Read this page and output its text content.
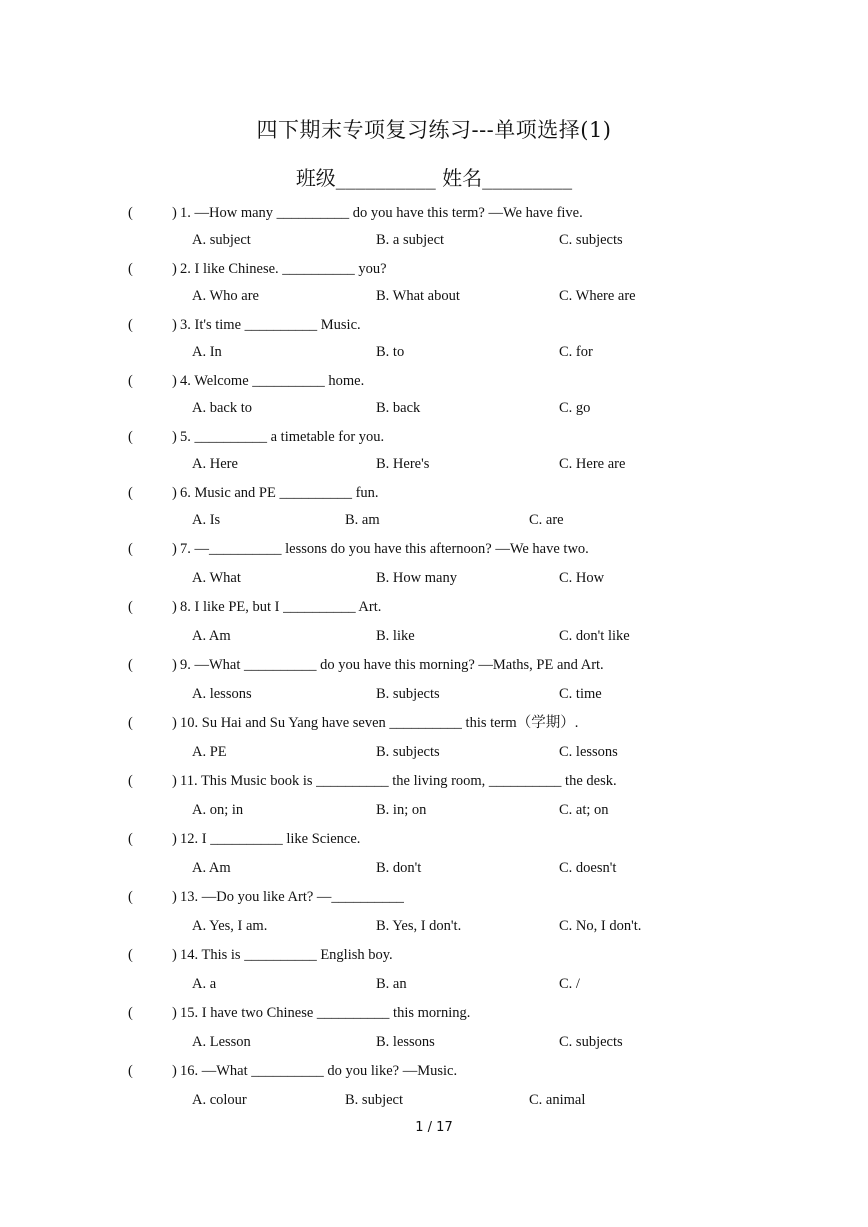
四下期末专项复习练习---单项选择(1)
班级__________ 姓名_________
(	) 1. —How many __________ do you have this term? —We have five.
A. subject	B. a subject	C. subjects
(	) 2. I like Chinese. __________ you?
A. Who are	B. What about	C. Where are
(	) 3. It's time __________ Music.
A. In	B. to	C. for
(	) 4. Welcome __________ home.
A. back to	B. back	C. go
(	) 5. __________ a timetable for you.
A. Here	B. Here's	C. Here are
(	) 6. Music and PE __________ fun.
A. Is	B. am	C. are
(	) 7. —__________ lessons do you have this afternoon? —We have two.
A. What	B. How many	C. How
(	) 8. I like PE, but I __________ Art.
A. Am	B. like	C. don't like
(	) 9. —What __________ do you have this morning? —Maths, PE and Art.
A. lessons	B. subjects	C. time
(	) 10. Su Hai and Su Yang have seven __________ this term（学期）.
A. PE	B. subjects	C. lessons
(	) 11. This Music book is __________ the living room, __________ the desk.
A. on; in	B. in; on	C. at; on
(	) 12. I __________ like Science.
A. Am	B. don't	C. doesn't
(	) 13. —Do you like Art? —__________
A. Yes, I am.	B. Yes, I don't.	C. No, I don't.
(	) 14. This is __________ English boy.
A. a	B. an	C. /
(	) 15. I have two Chinese __________ this morning.
A. Lesson	B. lessons	C. subjects
(	) 16. —What __________ do you like? —Music.
A. colour	B. subject	C. animal
1 / 17
